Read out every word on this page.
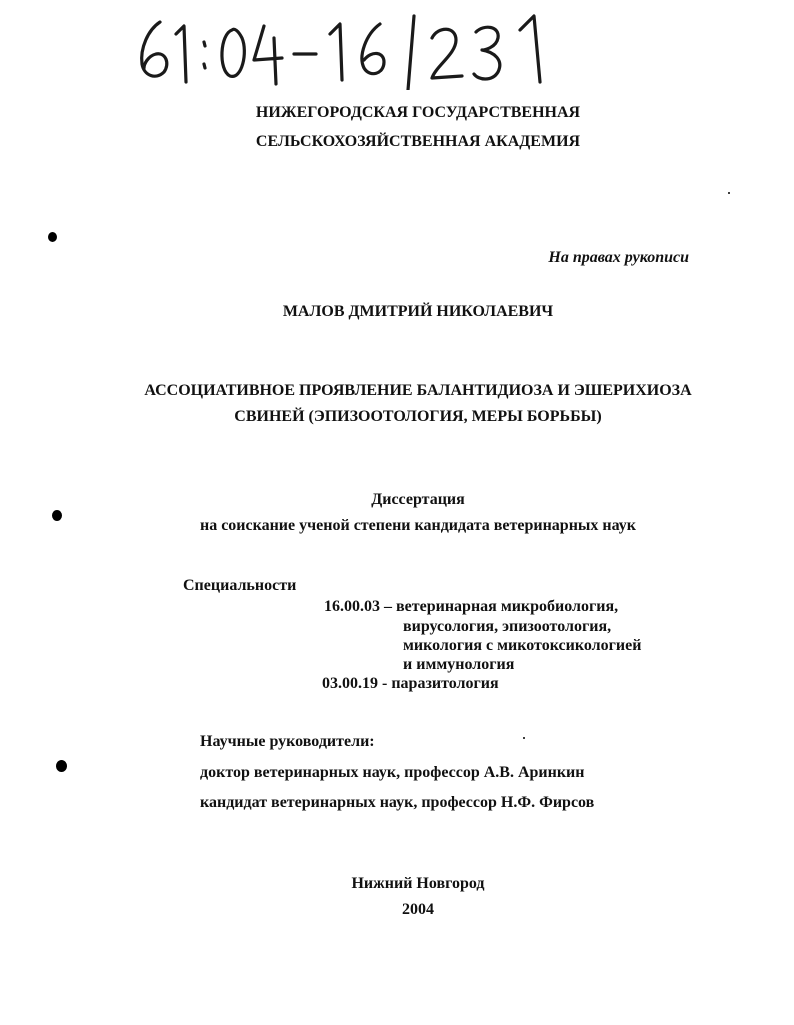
НИЖЕГОРОДСКАЯ ГОСУДАРСТВЕННАЯ
СЕЛЬСКОХОЗЯЙСТВЕННАЯ АКАДЕМИЯ
На правах рукописи
МАЛОВ ДМИТРИЙ НИКОЛАЕВИЧ
АССОЦИАТИВНОЕ ПРОЯВЛЕНИЕ БАЛАНТИДИОЗА И ЭШЕРИХИОЗА
СВИНЕЙ (ЭПИЗООТОЛОГИЯ, МЕРЫ БОРЬБЫ)
Диссертация
на соискание ученой степени кандидата ветеринарных наук
Специальности
16.00.03 – ветеринарная микробиология,
вирусология, эпизоотология,
микология с микотоксикологией
и иммунология
03.00.19 - паразитология
Научные руководители:
доктор ветеринарных наук, профессор А.В. Аринкин
кандидат ветеринарных наук, профессор Н.Ф. Фирсов
Нижний Новгород
2004
